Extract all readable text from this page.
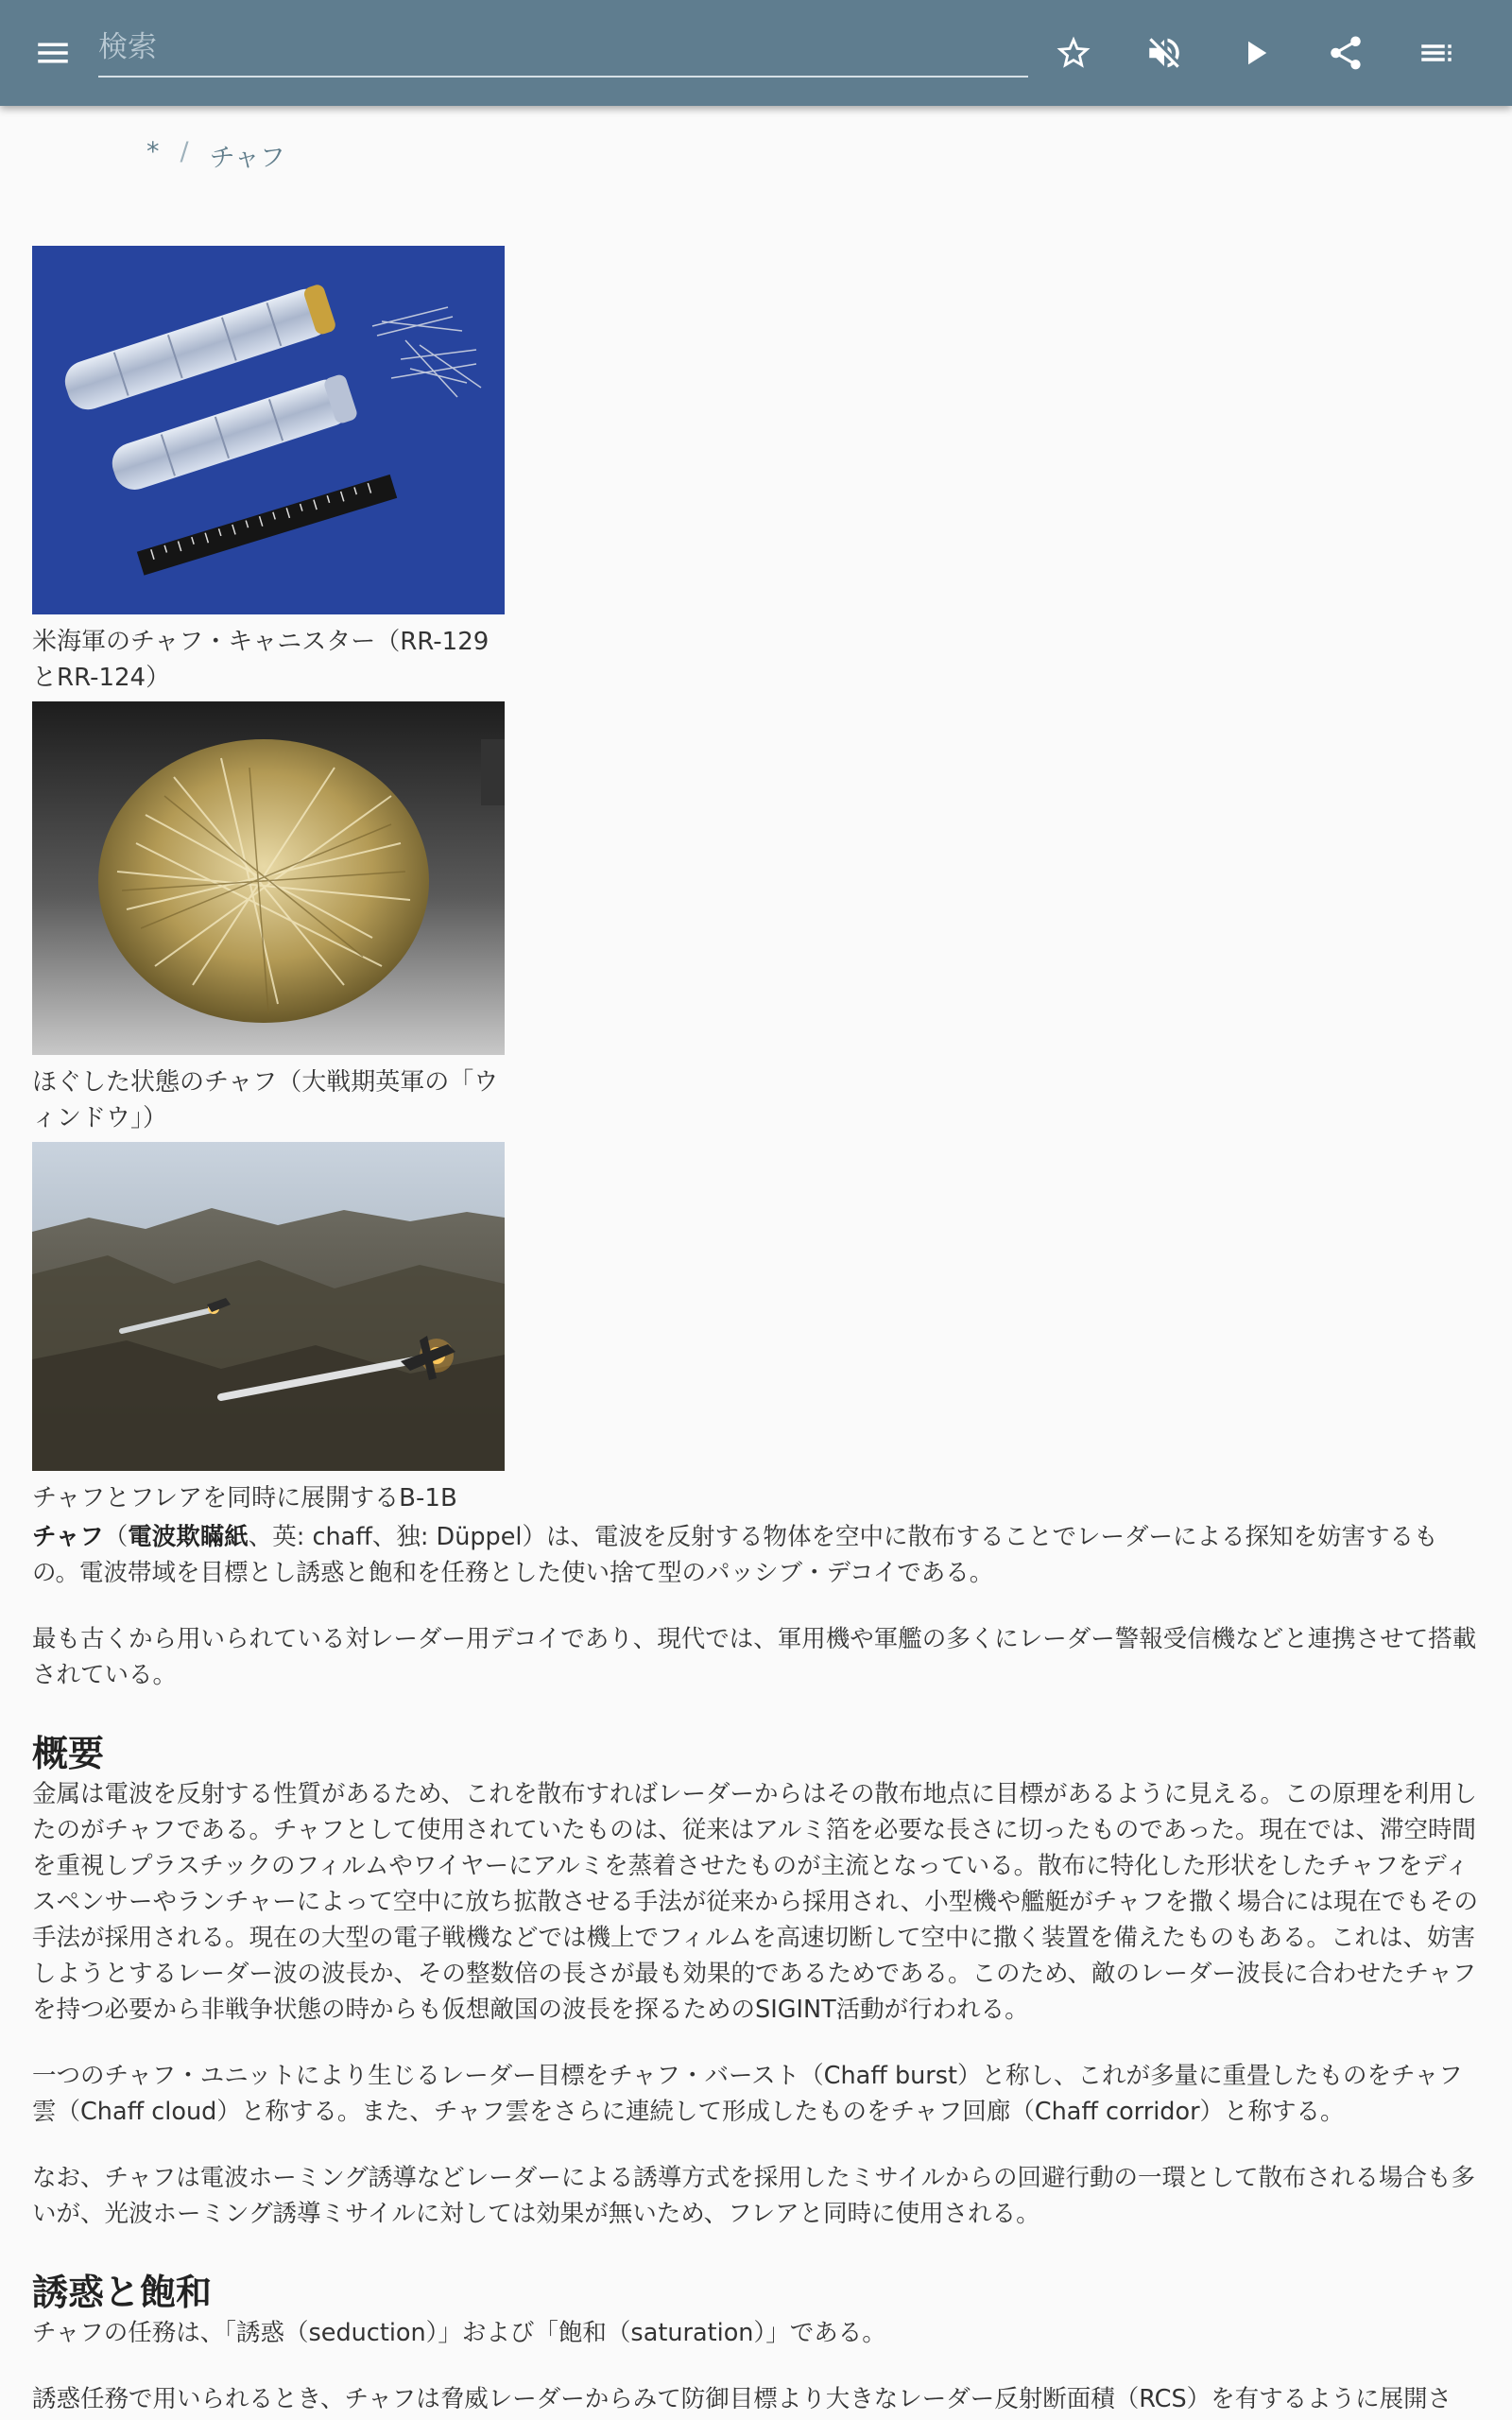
検索
* / チャフ
米海軍のチャフ・キャニスター（RR-129とRR-124）
ほぐした状態のチャフ（大戦期英軍の「ウィンドウ」）
チャフとフレアを同時に展開するB-1B

チャフ（電波欺瞞紙、英: chaff、独: Düppel）は、電波を反射する物体を空中に散布することでレーダーによる探知を妨害するもの。電波帯域を目標とし誘惑と飽和を任務とした使い捨て型のパッシブ・デコイである。

最も古くから用いられている対レーダー用デコイであり、現代では、軍用機や軍艦の多くにレーダー警報受信機などと連携させて搭載されている。

概要

金属は電波を反射する性質があるため、これを散布すればレーダーからはその散布地点に目標があるように見える。この原理を利用したのがチャフである。チャフとして使用されていたものは、従来はアルミ箔を必要な長さに切ったものであった。現在では、滞空時間を重視しプラスチックのフィルムやワイヤーにアルミを蒸着させたものが主流となっている。散布に特化した形状をしたチャフをディスペンサーやランチャーによって空中に放ち拡散させる手法が従来から採用され、小型機や艦艇がチャフを撒く場合には現在でもその手法が採用される。現在の大型の電子戦機などでは機上でフィルムを高速切断して空中に撒く装置を備えたものもある。これは、妨害しようとするレーダー波の波長か、その整数倍の長さが最も効果的であるためである。このため、敵のレーダー波長に合わせたチャフを持つ必要から非戦争状態の時からも仮想敵国の波長を探るためのSIGINT活動が行われる。

一つのチャフ・ユニットにより生じるレーダー目標をチャフ・バースト（Chaff burst）と称し、これが多量に重畳したものをチャフ雲（Chaff cloud）と称する。また、チャフ雲をさらに連続して形成したものをチャフ回廊（Chaff corridor）と称する。

なお、チャフは電波ホーミング誘導などレーダーによる誘導方式を採用したミサイルからの回避行動の一環として散布される場合も多いが、光波ホーミング誘導ミサイルに対しては効果が無いため、フレアと同時に使用される。

誘惑と飽和

チャフの任務は、「誘惑（seduction）」および「飽和（saturation）」である。

誘惑任務で用いられるとき、チャフは脅威レーダーからみて防御目標より大きなレーダー反射断面積（RCS）を有するように展開さ
